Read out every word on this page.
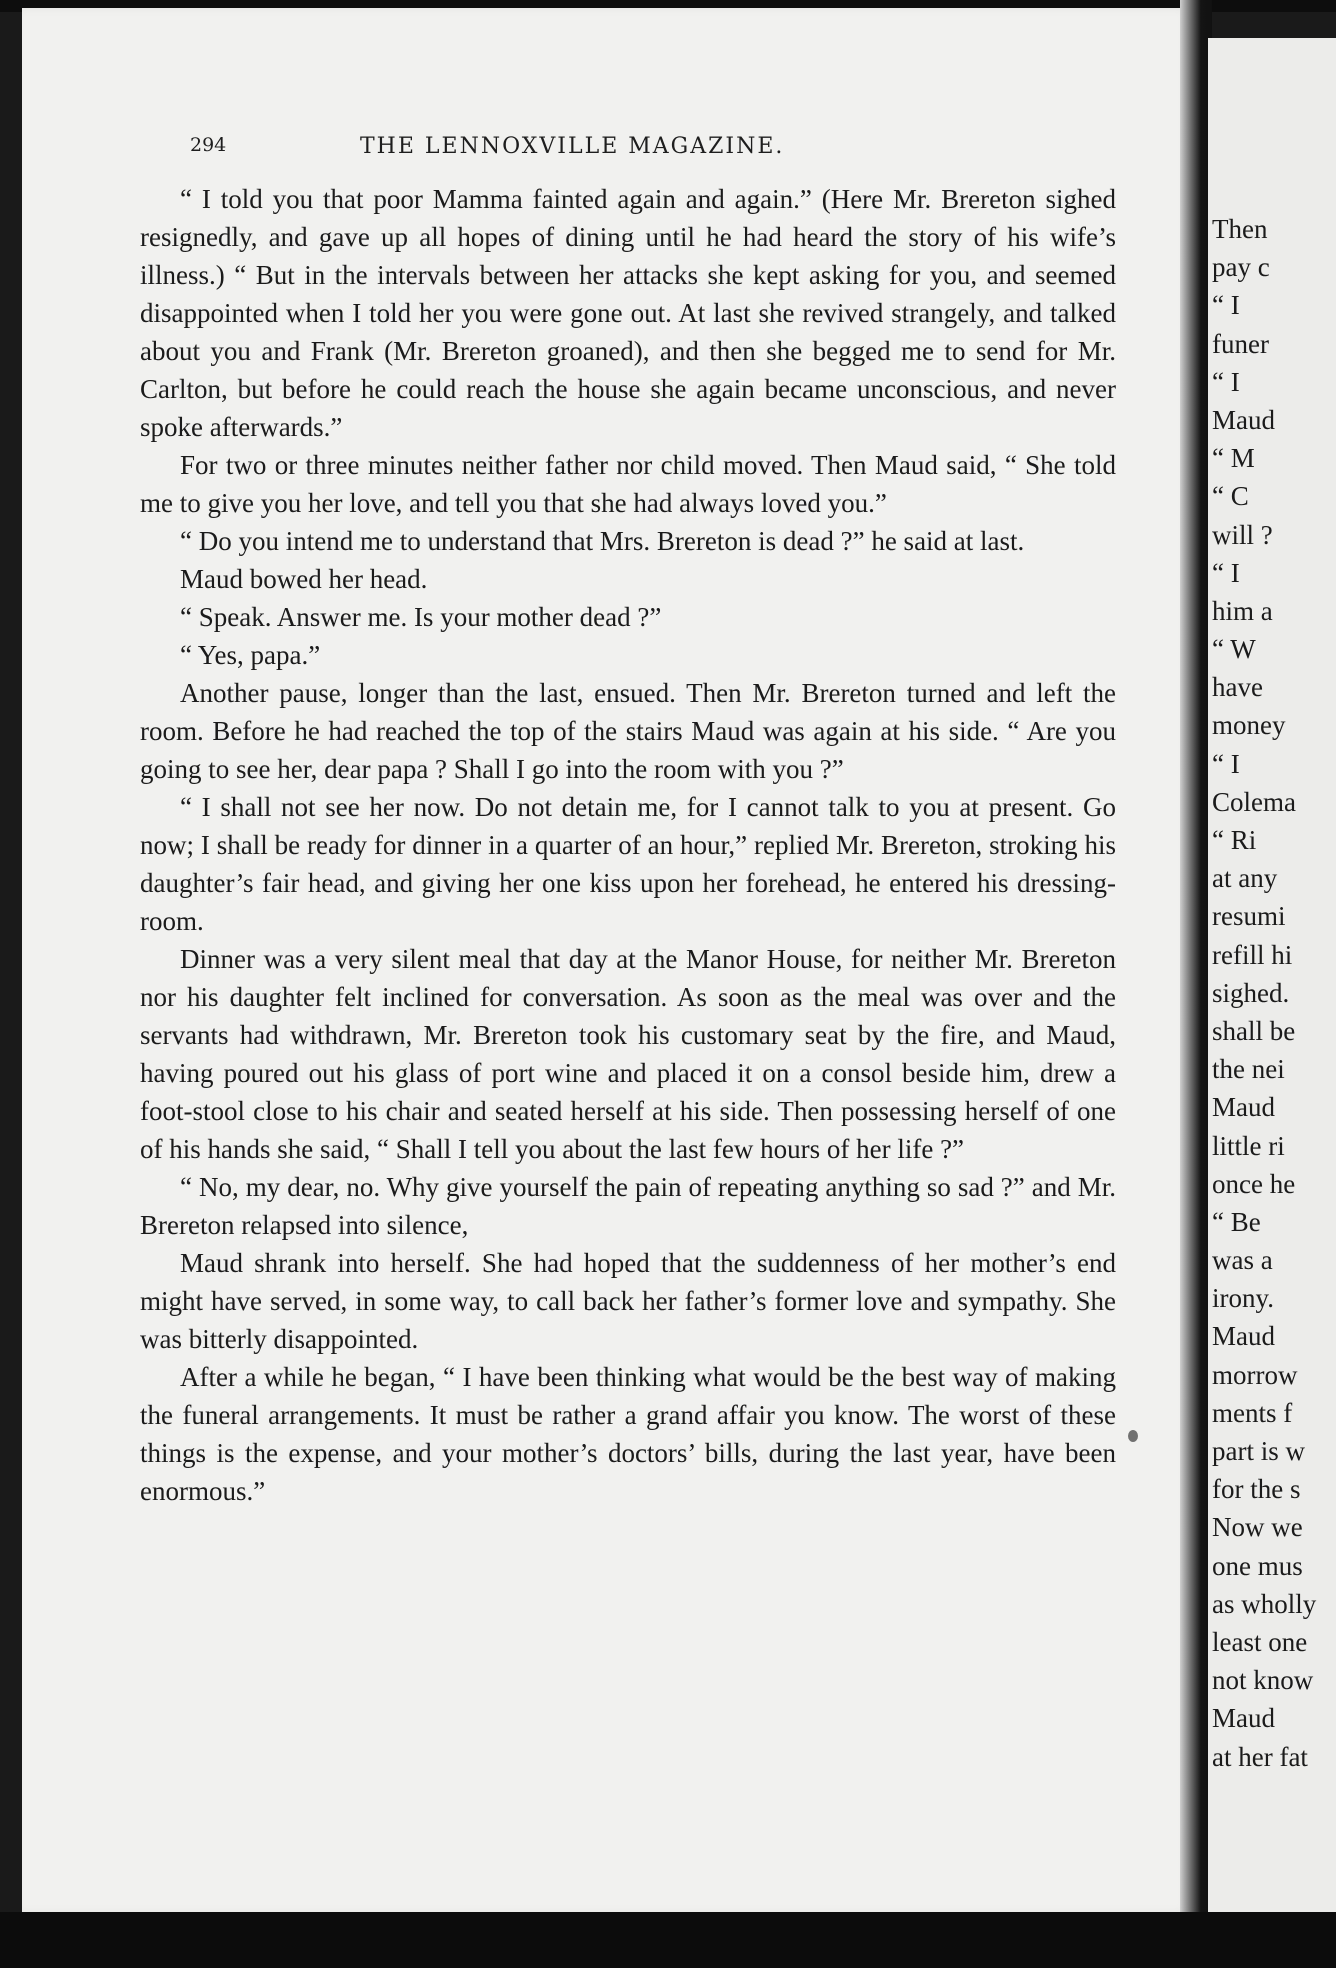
294	THE LENNOXVILLE MAGAZINE.

“ I told you that poor Mamma fainted again and again.” (Here Mr. Brereton sighed resignedly, and gave up all hopes of dining until he had heard the story of his wife’s illness.) “ But in the intervals between her attacks she kept asking for you, and seemed disappointed when I told her you were gone out. At last she revived strangely, and talked about you and Frank (Mr. Brereton groaned), and then she begged me to send for Mr. Carlton, but before he could reach the house she again became unconscious, and never spoke afterwards.”

For two or three minutes neither father nor child moved. Then Maud said, “ She told me to give you her love, and tell you that she had always loved you.”

“ Do you intend me to understand that Mrs. Brereton is dead ?” he said at last.

Maud bowed her head.

“ Speak. Answer me. Is your mother dead ?”

“ Yes, papa.”

Another pause, longer than the last, ensued. Then Mr. Brereton turned and left the room. Before he had reached the top of the stairs Maud was again at his side. “ Are you going to see her, dear papa ? Shall I go into the room with you ?”

“ I shall not see her now. Do not detain me, for I cannot talk to you at present. Go now; I shall be ready for dinner in a quarter of an hour,” replied Mr. Brereton, stroking his daughter’s fair head, and giving her one kiss upon her forehead, he entered his dressing-room.

Dinner was a very silent meal that day at the Manor House, for neither Mr. Brereton nor his daughter felt inclined for conversation. As soon as the meal was over and the servants had withdrawn, Mr. Brereton took his customary seat by the fire, and Maud, having poured out his glass of port wine and placed it on a consol beside him, drew a foot-stool close to his chair and seated herself at his side. Then possessing herself of one of his hands she said, “ Shall I tell you about the last few hours of her life ?”

“ No, my dear, no. Why give yourself the pain of repeating anything so sad ?” and Mr. Brereton relapsed into silence,

Maud shrank into herself. She had hoped that the suddenness of her mother’s end might have served, in some way, to call back her father’s former love and sympathy. She was bitterly disappointed.

After a while he began, “ I have been thinking what would be the best way of making the funeral arrangements. It must be rather a grand affair you know. The worst of these things is the expense, and your mother’s doctors’ bills, during the last year, have been enormous.”

Then
pay c
“ I
funer
“ I
Maud
“ M
“ C
will ?
“ I
him a
“ W
have
money
“ I
Colema
“ Ri
at any
resumi
refill hi
sighed.
shall be
the nei
Maud
little ri
once he
“ Be
was a
irony.
Maud
morrow
ments f
part is w
for the s
Now we
one mus
as wholly
least one
not know
Maud
at her fat
